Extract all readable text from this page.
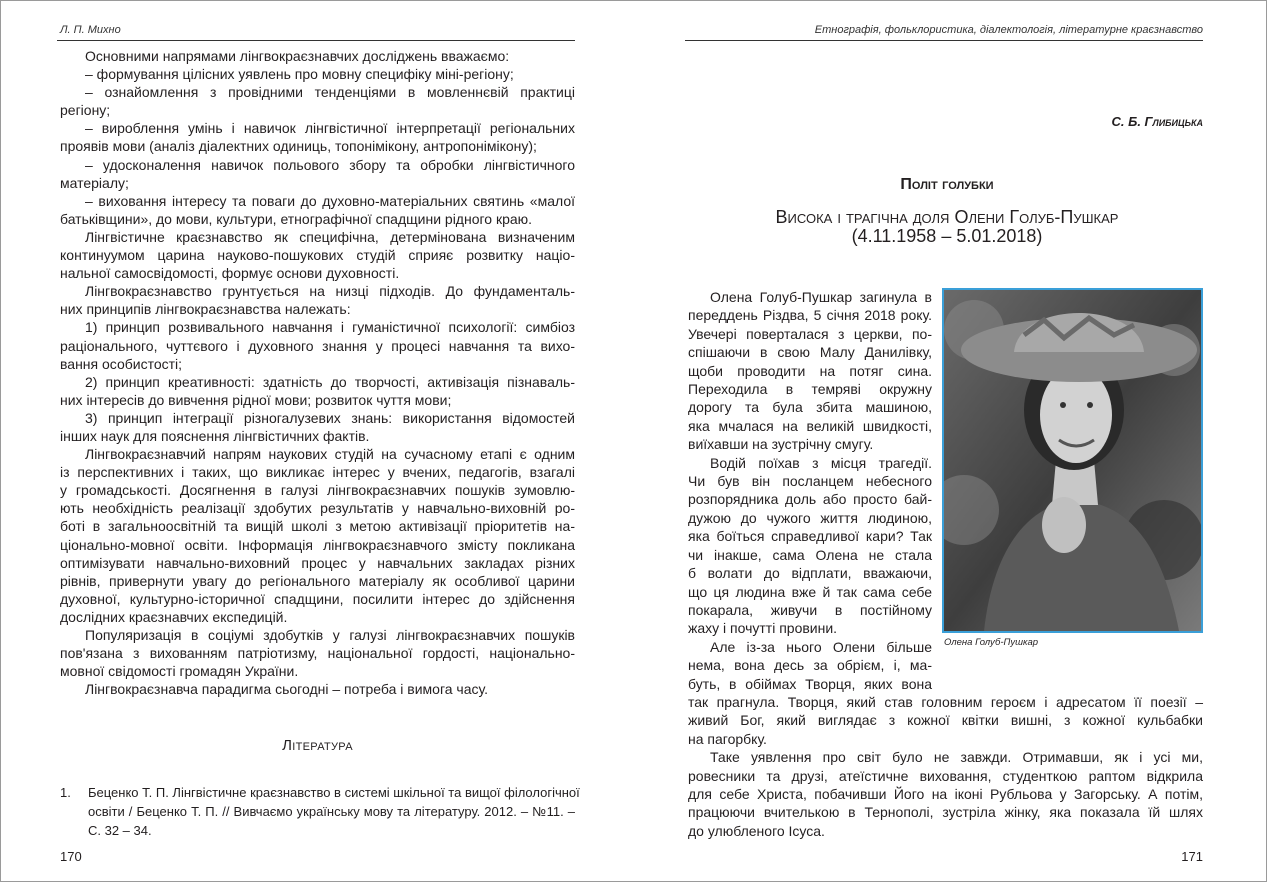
Л. П. Михно
Основними напрямами лінгвокраєзнавчих досліджень вважаємо:
– формування цілісних уявлень про мовну специфіку міні-регіону;
– ознайомлення з провідними тенденціями в мовленнєвій практиці
регіону;
– вироблення умінь і навичок лінгвістичної інтерпретації регіональних
проявів мови (аналіз діалектних одиниць, топонімікону, антропонімікону);
– удосконалення навичок польового збору та обробки лінгвістичного
матеріалу;
– виховання інтересу та поваги до духовно-матеріальних святинь «малої
батьківщини», до мови, культури, етнографічної спадщини рідного краю.
Лінгвістичне краєзнавство як специфічна, детермінована визначеним
континуумом царина науково-пошукових студій сприяє розвитку націо-
нальної самосвідомості, формує основи духовності.
Лінгвокраєзнавство грунтується на низці підходів. До фундаменталь-
них принципів лінгвокраєзнавства належать:
1) принцип розвивального навчання і гуманістичної психології: симбіоз
раціонального, чуттєвого і духовного знання у процесі навчання та вихо-
вання особистості;
2) принцип креативності: здатність до творчості, активізація пізнаваль-
них інтересів до вивчення рідної мови; розвиток чуття мови;
3) принцип інтеграції різногалузевих знань: використання відомостей
інших наук для пояснення лінгвістичних фактів.
Лінгвокраєзнавчий напрям наукових студій на сучасному етапі є одним
із перспективних і таких, що викликає інтерес у вчених, педагогів, взагалі
у громадськості. Досягнення в галузі лінгвокраєзнавчих пошуків зумовлю-
ють необхідність реалізації здобутих результатів у навчально-виховній ро-
боті в загальноосвітній та вищій школі з метою активізації пріоритетів на-
ціонально-мовної освіти. Інформація лінгвокраєзнавчого змісту покликана
оптимізувати навчально-виховний процес у навчальних закладах різних
рівнів, привернути увагу до регіонального матеріалу як особливої царини
духовної, культурно-історичної спадщини, посилити інтерес до здійснення
дослідних краєзнавчих експедицій.
Популяризація в соціумі здобутків у галузі лінгвокраєзнавчих пошуків
пов'язана з вихованням патріотизму, національної гордості, національно-
мовної свідомості громадян України.
Лінгвокраєзнавча парадигма сьогодні – потреба і вимога часу.
Література
1. Беценко Т. П. Лінгвістичне краєзнавство в системі шкільної та вищої філологічної
освіти / Беценко Т. П. // Вивчаємо українську мову та літературу. 2012. – №11. –
С. 32 – 34.
170
Етнографія, фольклористика, діалектологія, літературне краєзнавство
С. Б. Глибицька
Політ голубки
Висока і трагічна доля Олени Голуб-Пушкар
(4.11.1958 – 5.01.2018)
Олена Голуб-Пушкар загинула в
переддень Різдва, 5 січня 2018 року.
Увечері поверталася з церкви, по-
спішаючи в свою Малу Данилівку,
щоби проводити на потяг сина.
Переходила в темряві окружну
дорогу та була збита машиною,
яка мчалася на великій швидкості,
виїхавши на зустрічну смугу.
Водій поїхав з місця трагедії.
Чи був він посланцем небесного
розпорядника доль або просто бай-
дужою до чужого життя людиною,
яка боїться справедливої кари? Так
чи інакше, сама Олена не стала
б волати до відплати, вважаючи,
що ця людина вже й так сама себе
покарала, живучи в постійному
жаху і почутті провини.
Але із-за нього Олени більше
нема, вона десь за обрієм, і, ма-
буть, в обіймах Творця, яких вона
так прагнула. Творця, який став головним героєм і адресатом її поезії –
живий Бог, який виглядає з кожної квітки вишні, з кожної кульбабки
на пагорбку.
Таке уявлення про світ було не завжди. Отримавши, як і усі ми,
ровесники та друзі, атеїстичне виховання, студенткою раптом відкрила
для себе Христа, побачивши Його на іконі Рубльова у Загорську. А потім,
працюючи вчителькою в Тернополі, зустріла жінку, яка показала їй шлях
до улюбленого Ісуса.
Олена Голуб-Пушкар
171
